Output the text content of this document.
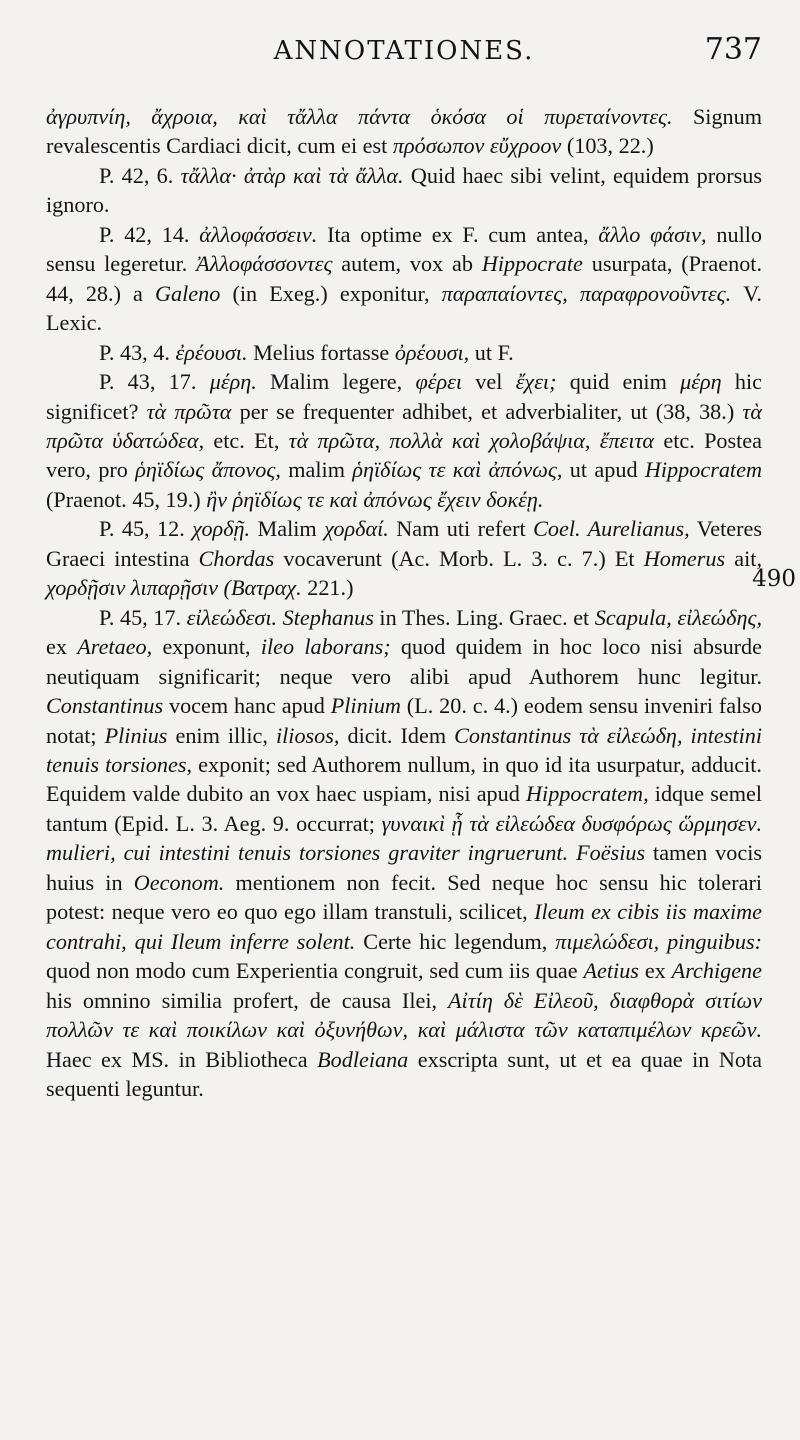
ANNOTATIONES.	737
490

ἀγρυπνίη, ἄχροια, καὶ τἄλλα πάντα ὁκόσα οἱ πυρεταίνοντες. Signum revalescentis Cardiaci dicit, cum ei est πρόσωπον εὔχροον (103, 22.)

P. 42, 6. τἄλλα· ἀτὰρ καὶ τὰ ἄλλα. Quid haec sibi velint, equidem prorsus ignoro.

P. 42, 14. ἀλλοφάσσειν. Ita optime ex F. cum antea, ἄλλο φάσιν, nullo sensu legeretur. Ἀλλοφάσσοντες autem, vox ab Hippocrate usurpata, (Praenot. 44, 28.) a Galeno (in Exeg.) exponitur, παραπαίοντες, παραφρονοῦντες. V. Lexic.

P. 43, 4. ἐρέουσι. Melius fortasse ὀρέουσι, ut F.

P. 43, 17. μέρη. Malim legere, φέρει vel ἔχει; quid enim μέρη hic significet? τὰ πρῶτα per se frequenter adhibet, et adverbialiter, ut (38, 38.) τὰ πρῶτα ὑδατώδεα, etc. Et, τὰ πρῶτα, πολλὰ καὶ χολοβάψια, ἔπειτα etc. Postea vero, pro ῥηϊδίως ἄπονος, malim ῥηϊδίως τε καὶ ἀπόνως, ut apud Hippocratem (Praenot. 45, 19.) ἢν ῥηϊδίως τε καὶ ἀπόνως ἔχειν δοκέῃ.

P. 45, 12. χορδῇ. Malim χορδαί. Nam uti refert Coel. Aurelianus, Veteres Graeci intestina Chordas vocaverunt (Ac. Morb. L. 3. c. 7.) Et Homerus ait, χορδῇσιν λιπαρῇσιν (Βατραχ. 221.)

P. 45, 17. εἰλεώδεσι. Stephanus in Thes. Ling. Graec. et Scapula, εἰλεώδης, ex Aretaeo, exponunt, ileo laborans; quod quidem in hoc loco nisi absurde neutiquam significarit; neque vero alibi apud Authorem hunc legitur. Constantinus vocem hanc apud Plinium (L. 20. c. 4.) eodem sensu inveniri falso notat; Plinius enim illic, iliosos, dicit. Idem Constantinus τὰ εἰλεώδη, intestini tenuis torsiones, exponit; sed Authorem nullum, in quo id ita usurpatur, adducit. Equidem valde dubito an vox haec uspiam, nisi apud Hippocratem, idque semel tantum (Epid. L. 3. Aeg. 9. occurrat; γυναικὶ ᾗ τὰ εἰλεώδεα δυσφόρως ὥρμησεν. mulieri, cui intestini tenuis torsiones graviter ingruerunt. Foësius tamen vocis huius in Oeconom. mentionem non fecit. Sed neque hoc sensu hic tolerari potest: neque vero eo quo ego illam transtuli, scilicet, Ileum ex cibis iis maxime contrahi, qui Ileum inferre solent. Certe hic legendum, πιμελώδεσι, pinguibus: quod non modo cum Experientia congruit, sed cum iis quae Aetius ex Archigene his omnino similia profert, de causa Ilei, Αἰτίη δὲ Εἰλεοῦ, διαφθορὰ σιτίων πολλῶν τε καὶ ποικίλων καὶ ὀξυνήθων, καὶ μάλιστα τῶν καταπιμέλων κρεῶν. Haec ex MS. in Bibliotheca Bodleiana exscripta sunt, ut et ea quae in Nota sequenti leguntur.
